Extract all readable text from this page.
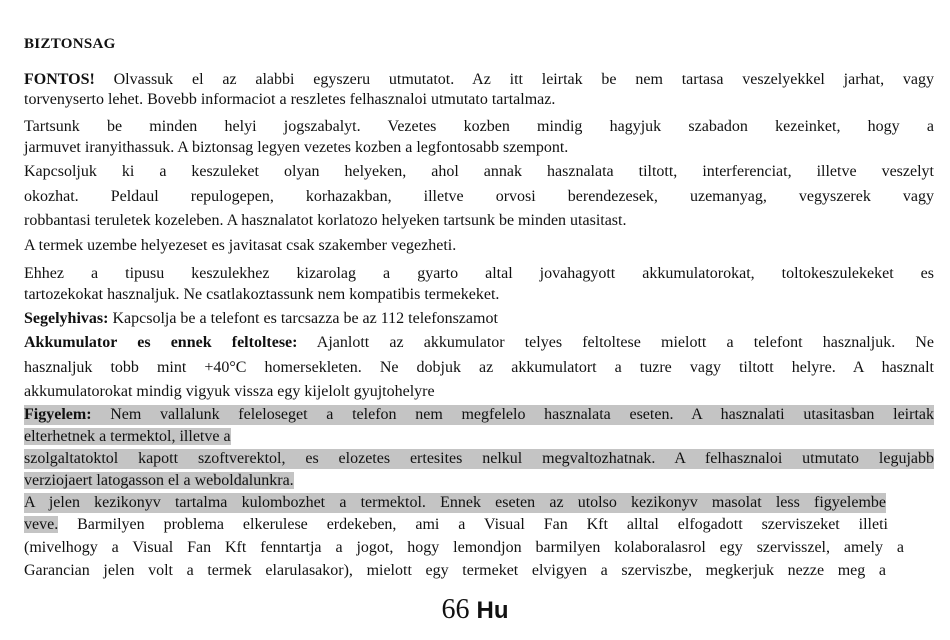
BIZTONSAG
FONTOS! Olvassuk el az alabbi egyszeru utmutatot. Az itt leirtak be nem tartasa veszelyekkel jarhat, vagy
torvenyserto lehet. Bovebb informaciot a reszletes felhasznaloi utmutato tartalmaz.
Tartsunk be minden helyi jogszabalyt. Vezetes kozben mindig hagyjuk szabadon kezeinket, hogy a
jarmuvet iranyithassuk. A biztonsag legyen vezetes kozben a legfontosabb szempont.
Kapcsoljuk ki a keszuleket olyan helyeken, ahol annak hasznalata tiltott, interferenciat, illetve veszelyt
okozhat. Peldaul repulogepen, korhazakban, illetve orvosi berendezesek, uzemanyag, vegyszerek vagy
robbantasi teruletek kozeleben. A hasznalatot korlatozo helyeken tartsunk be minden utasitast.
A termek uzembe helyezeset es javitasat csak szakember vegezheti.
Ehhez a tipusu keszulekhez kizarolag a gyarto altal jovahagyott akkumulatorokat, toltokeszulekeket es
tartozekokat hasznaljuk. Ne csatlakoztassunk nem kompatibis termekeket.
Segelyhivas: Kapcsolja be a telefont es tarcsazza be az 112 telefonszamot
Akkumulator es ennek feltoltese: Ajanlott az akkumulator telyes feltoltese mielott a telefont hasznaljuk. Ne
hasznaljuk tobb mint +40°C homersekleten. Ne dobjuk az akkumulatort a tuzre vagy tiltott helyre. A hasznalt
akkumulatorokat mindig vigyuk vissza egy kijelolt gyujtohelyre
Figyelem: Nem vallalunk feleloseget a telefon nem megfelelo hasznalata eseten. A hasznalati utasitasban leirtak
elterhetnek a termektol, illetve a
szolgaltatoktol kapott szoftverektol, es elozetes ertesites nelkul megvaltozhatnak. A felhasznaloi utmutato legujabb
verziojaert latogasson el a weboldalunkra.
A jelen kezikonyv tartalma kulombozhet a termektol. Ennek eseten az utolso kezikonyv masolat less figyelembe
veve. Barmilyen problema elkerulese erdekeben, ami a Visual Fan Kft alltal elfogadott szerviszeket illeti
(mivelhogy a Visual Fan Kft fenntartja a jogot, hogy lemondjon barmilyen kolaboralasrol egy szervisszel, amely a
Garancian jelen volt a termek elarulasakor), mielott egy termeket elvigyen a szerviszbe, megkerjuk nezze meg a
66 Hu
